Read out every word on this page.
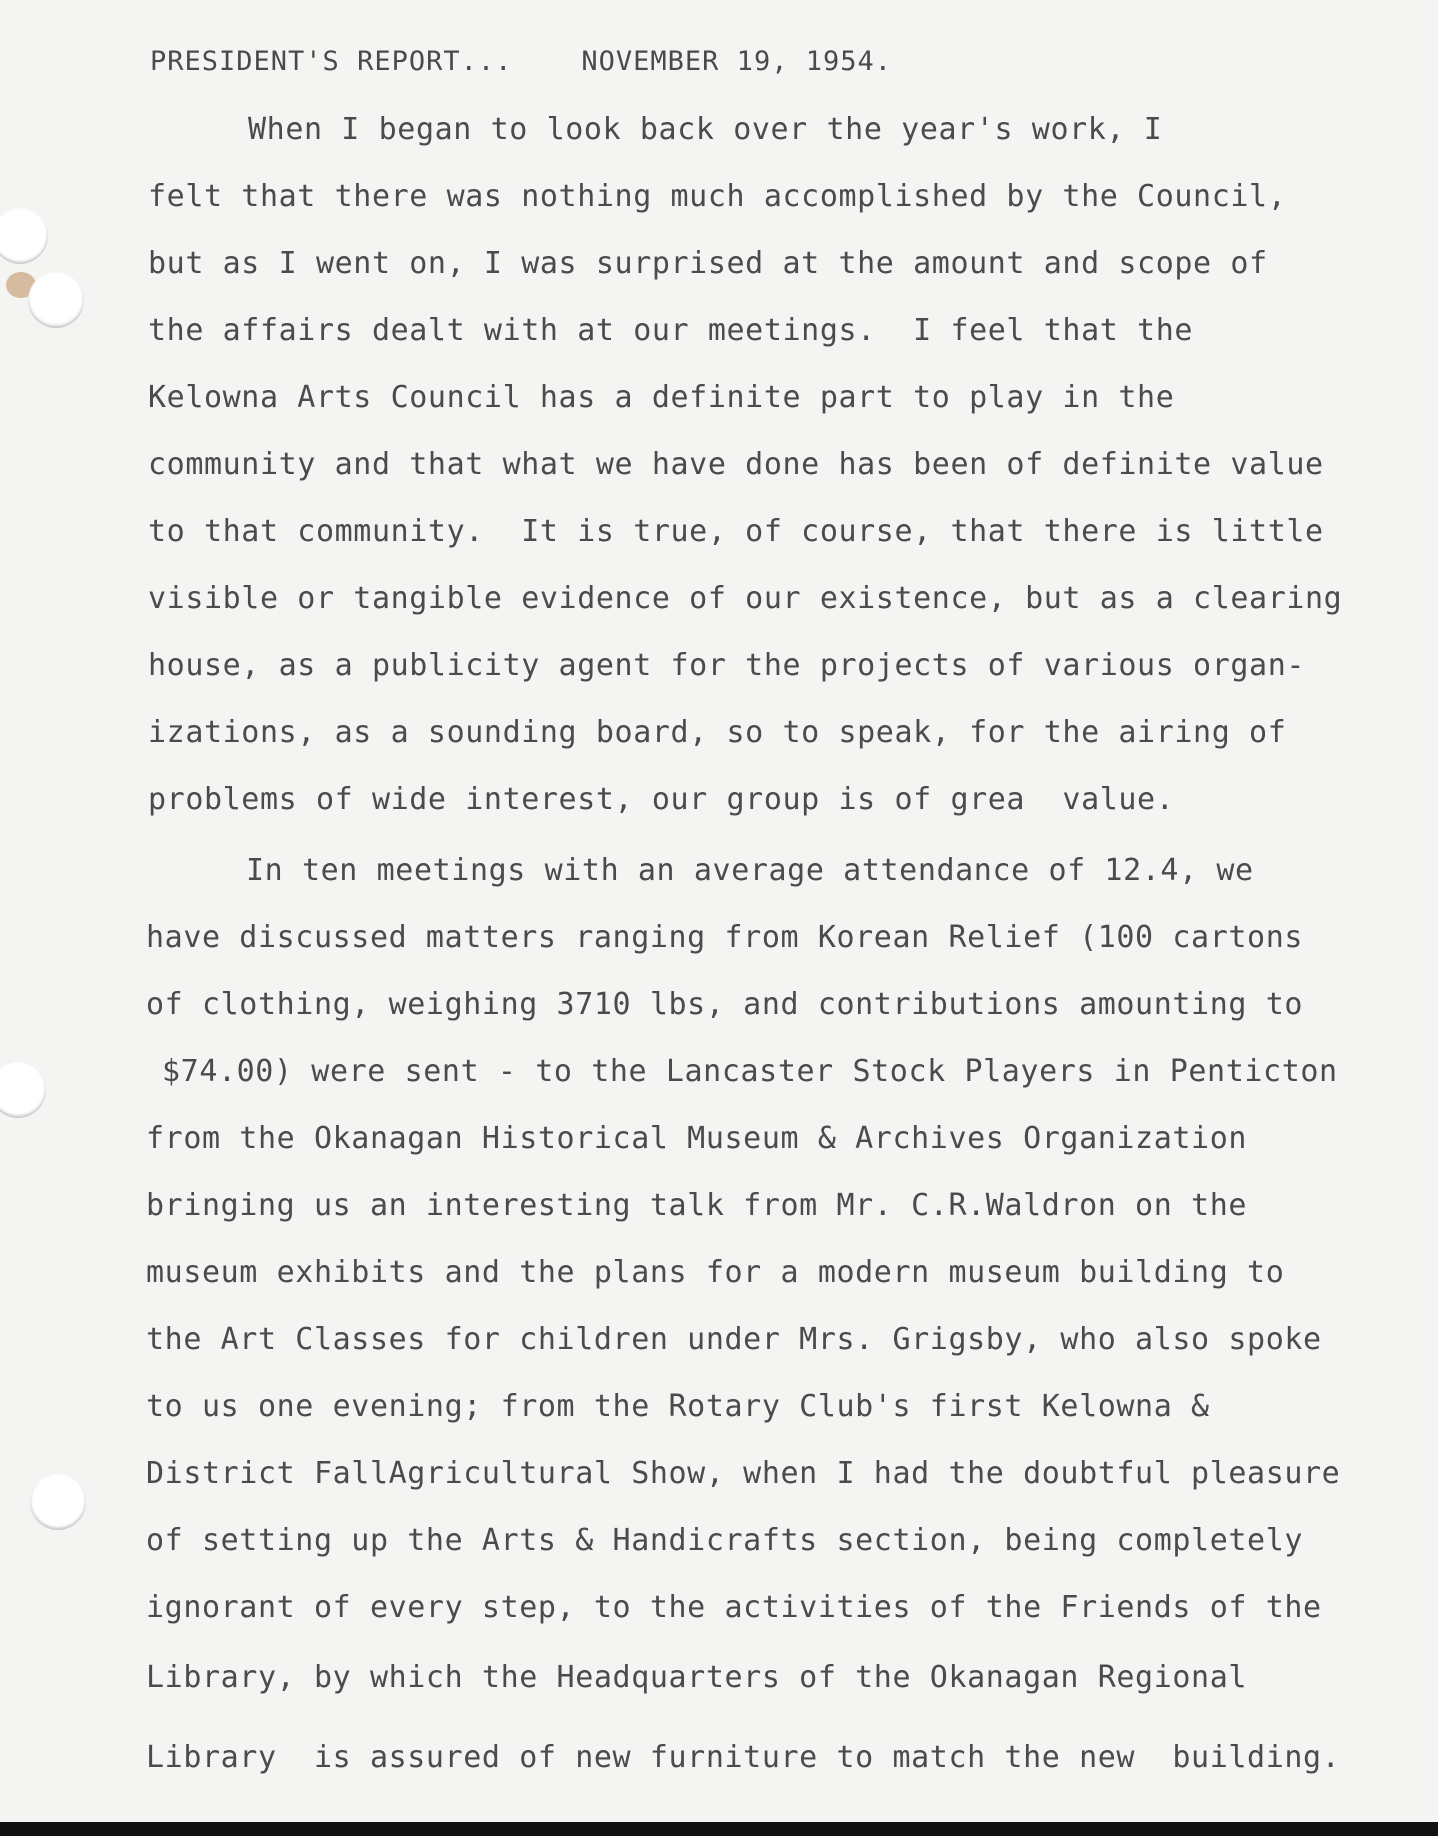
PRESIDENT'S REPORT...    NOVEMBER 19, 1954.
When I began to look back over the year's work, I
felt that there was nothing much accomplished by the Council,
but as I went on, I was surprised at the amount and scope of
the affairs dealt with at our meetings.  I feel that the
Kelowna Arts Council has a definite part to play in the
community and that what we have done has been of definite value
to that community.  It is true, of course, that there is little
visible or tangible evidence of our existence, but as a clearing
house, as a publicity agent for the projects of various organ-
izations, as a sounding board, so to speak, for the airing of
problems of wide interest, our group is of grea  value.
In ten meetings with an average attendance of 12.4, we
have discussed matters ranging from Korean Relief (100 cartons
of clothing, weighing 3710 lbs, and contributions amounting to
$74.00) were sent - to the Lancaster Stock Players in Penticton
from the Okanagan Historical Museum & Archives Organization
bringing us an interesting talk from Mr. C.R.Waldron on the
museum exhibits and the plans for a modern museum building to
the Art Classes for children under Mrs. Grigsby, who also spoke
to us one evening; from the Rotary Club's first Kelowna &
District FallAgricultural Show, when I had the doubtful pleasure
of setting up the Arts & Handicrafts section, being completely
ignorant of every step, to the activities of the Friends of the
Library, by which the Headquarters of the Okanagan Regional
Library  is assured of new furniture to match the new  building.
